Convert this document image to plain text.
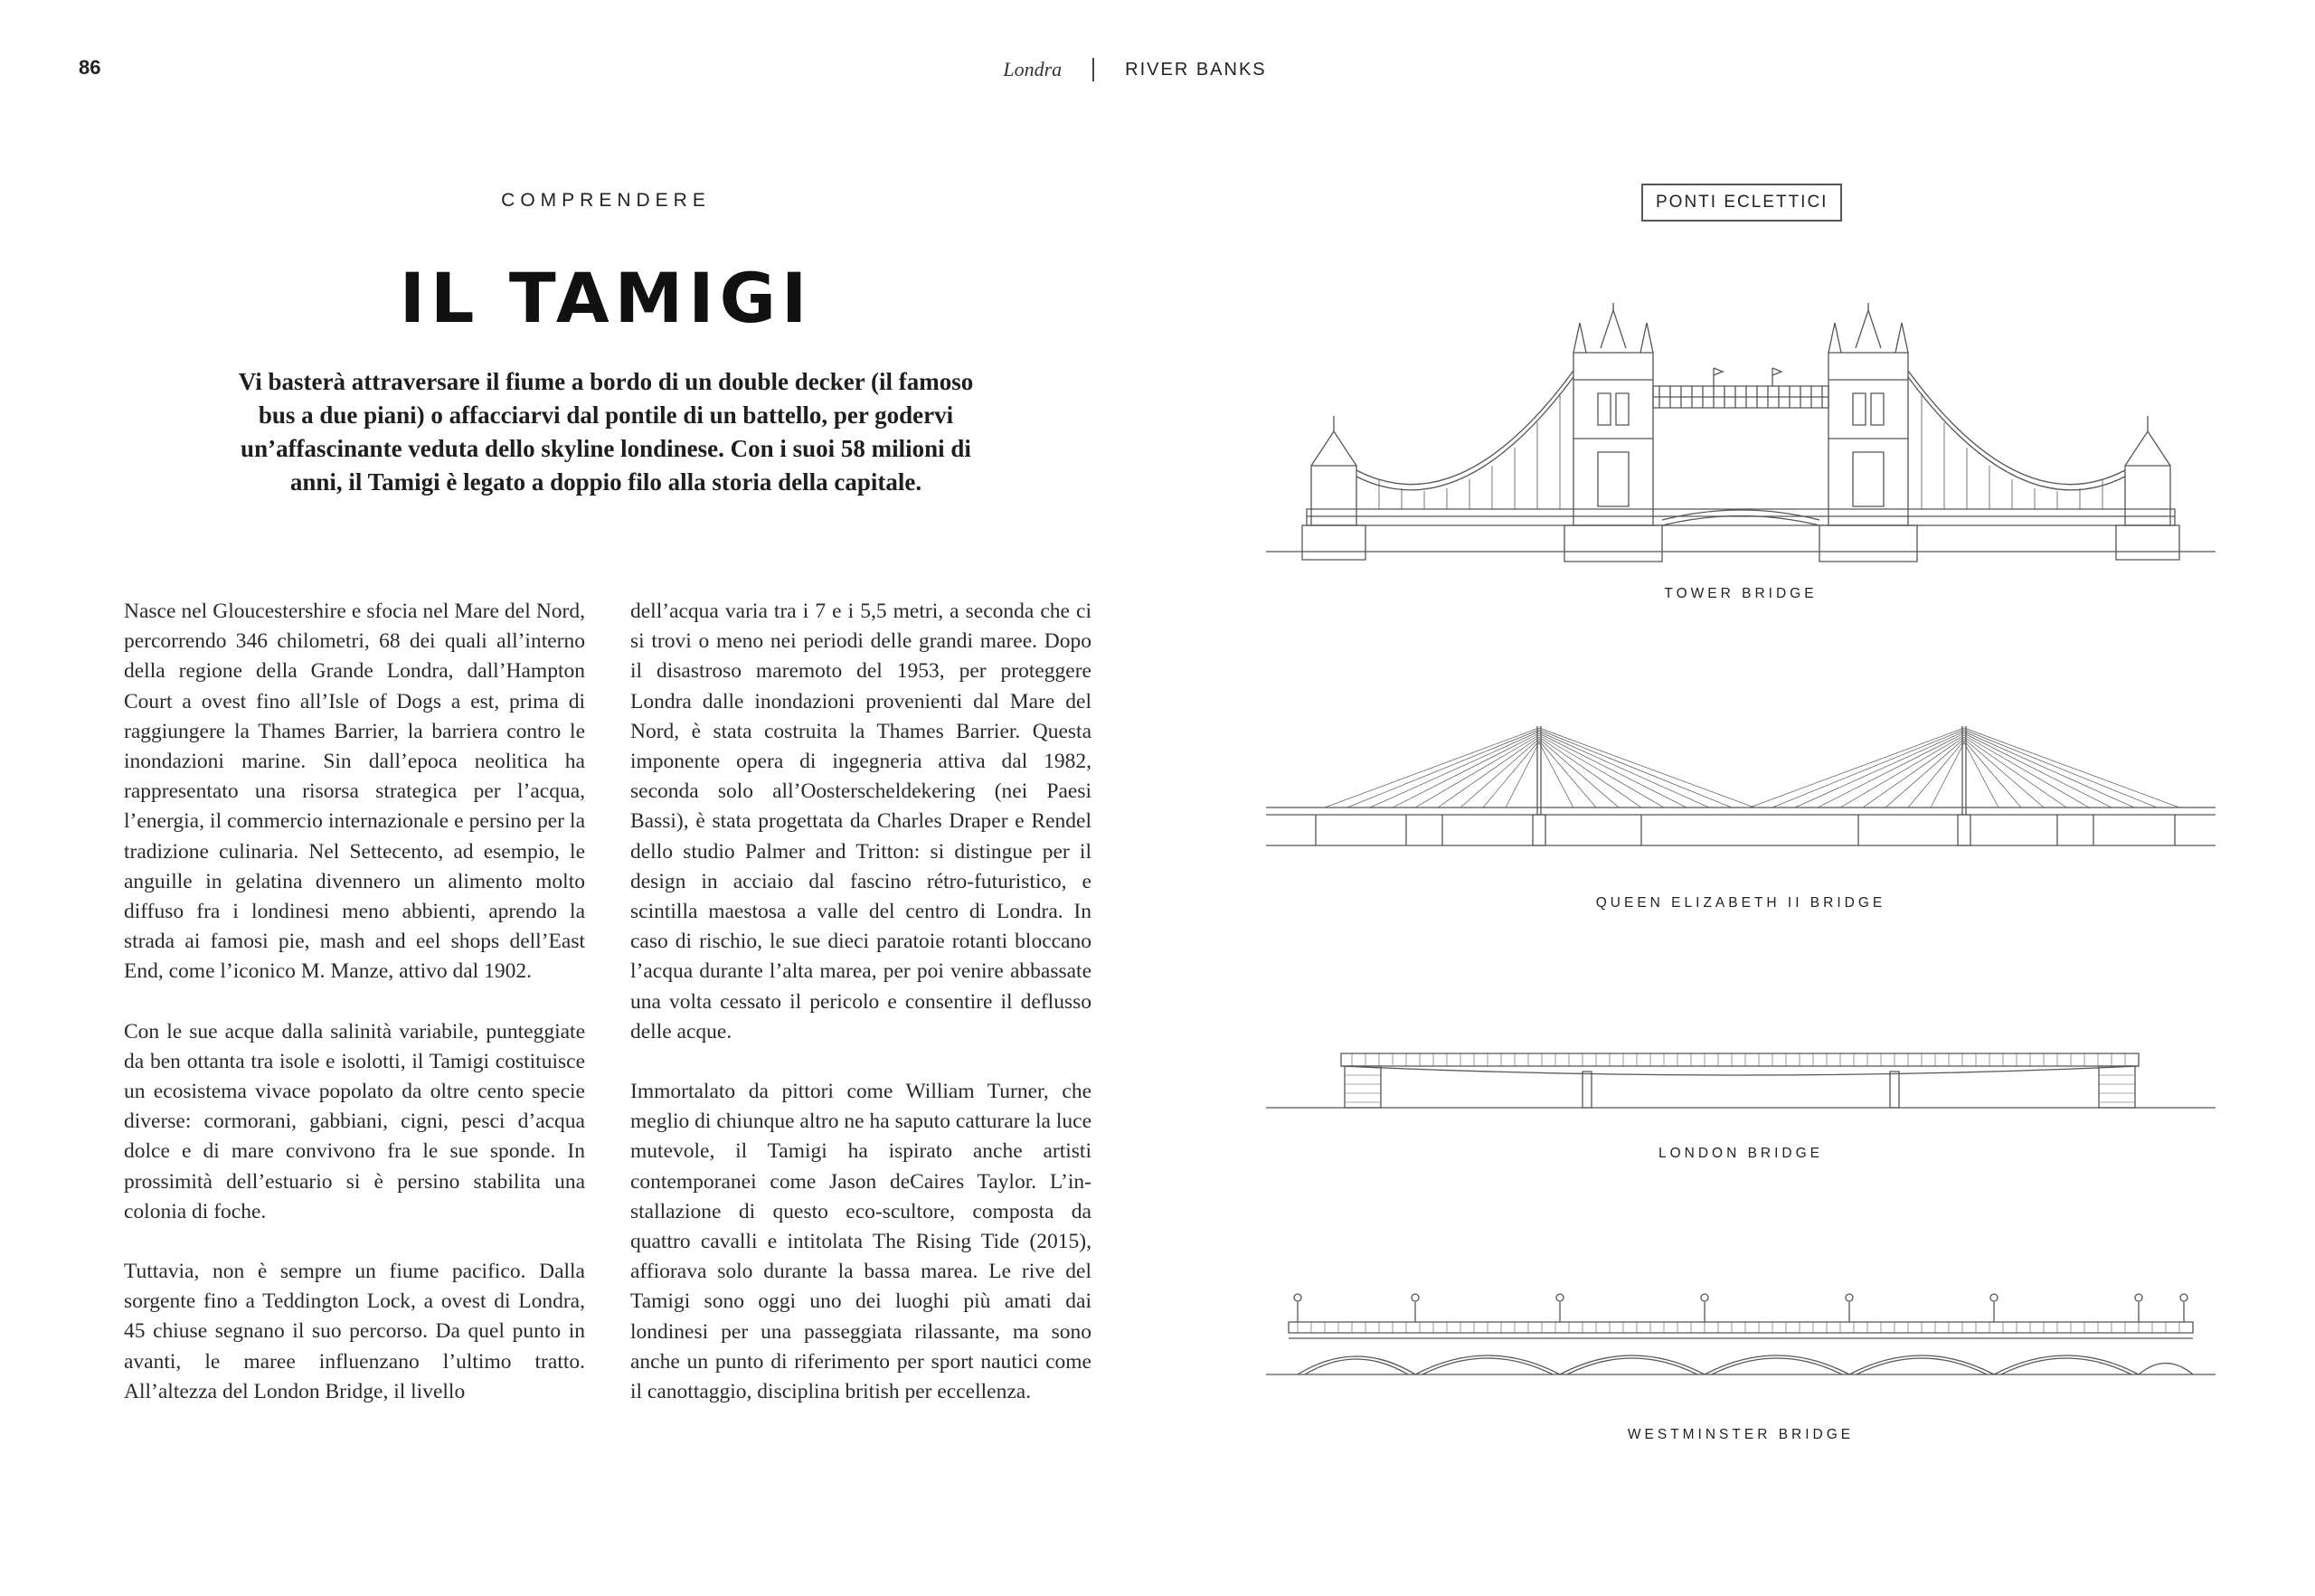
86	Londra	RIVER BANKS
COMPRENDERE
IL TAMIGI
Vi basterà attraversare il fiume a bordo di un double decker (il famoso bus a due piani) o affacciarvi dal pontile di un battello, per godervi un’affascinante veduta dello skyline londinese. Con i suoi 58 milioni di anni, il Tamigi è legato a doppio filo alla storia della capitale.

Nasce nel Gloucestershire e sfocia nel Mare del Nord, percorrendo 346 chilometri, 68 dei quali all’interno della regione della Grande Londra, dall’Hampton Court a ovest fino all’Isle of Dogs a est, prima di raggiungere la Thames Barrier, la barriera contro le inondazioni marine. Sin dall’epoca neolitica ha rappresentato una risorsa strategica per l’acqua, l’energia, il commercio internazionale e persino per la tradizione culinaria. Nel Settecento, ad esempio, le anguille in gelatina divennero un alimento molto diffuso fra i londinesi meno abbienti, aprendo la strada ai famosi pie, mash and eel shops dell’East End, come l’iconico M. Manze, attivo dal 1902.

Con le sue acque dalla salinità variabile, punteggiate da ben ottanta tra isole e isolotti, il Tamigi costituisce un ecosistema vivace popolato da oltre cento specie diverse: cormorani, gabbiani, cigni, pesci d’acqua dolce e di mare convivono fra le sue sponde. In prossimità dell’estuario si è persino stabilita una colonia di foche.

Tuttavia, non è sempre un fiume pacifico. Dalla sorgente fino a Teddington Lock, a ovest di Londra, 45 chiuse segnano il suo percorso. Da quel punto in avanti, le maree influenzano l’ultimo tratto. All’altezza del London Bridge, il livello

dell’acqua varia tra i 7 e i 5,5 metri, a seconda che ci si trovi o meno nei periodi delle grandi maree. Dopo il disastroso maremoto del 1953, per proteggere Londra dalle inondazioni provenienti dal Mare del Nord, è stata costruita la Thames Barrier. Questa imponente opera di ingegneria attiva dal 1982, seconda solo all’Oosterscheldekering (nei Paesi Bassi), è stata progettata da Charles Draper e Rendel dello studio Palmer and Tritton: si distingue per il design in acciaio dal fascino rétro-futuristico, e scintilla maestosa a valle del centro di Londra. In caso di rischio, le sue dieci paratoie rotanti bloccano l’acqua durante l’alta marea, per poi venire abbassate una volta cessato il pericolo e consentire il deflusso delle acque.

Immortalato da pittori come William Turner, che meglio di chiunque altro ne ha saputo catturare la luce mutevole, il Tamigi ha ispirato anche artisti contemporanei come Jason deCaires Taylor. L’installazione di questo eco-scultore, composta da quattro cavalli e intitolata The Rising Tide (2015), affiorava solo durante la bassa marea. Le rive del Tamigi sono oggi uno dei luoghi più amati dai londinesi per una passeggiata rilassante, ma sono anche un punto di riferimento per sport nautici come il canottaggio, disciplina british per eccellenza.

PONTI ECLETTICI
TOWER BRIDGE
QUEEN ELIZABETH II BRIDGE
LONDON BRIDGE
WESTMINSTER BRIDGE
